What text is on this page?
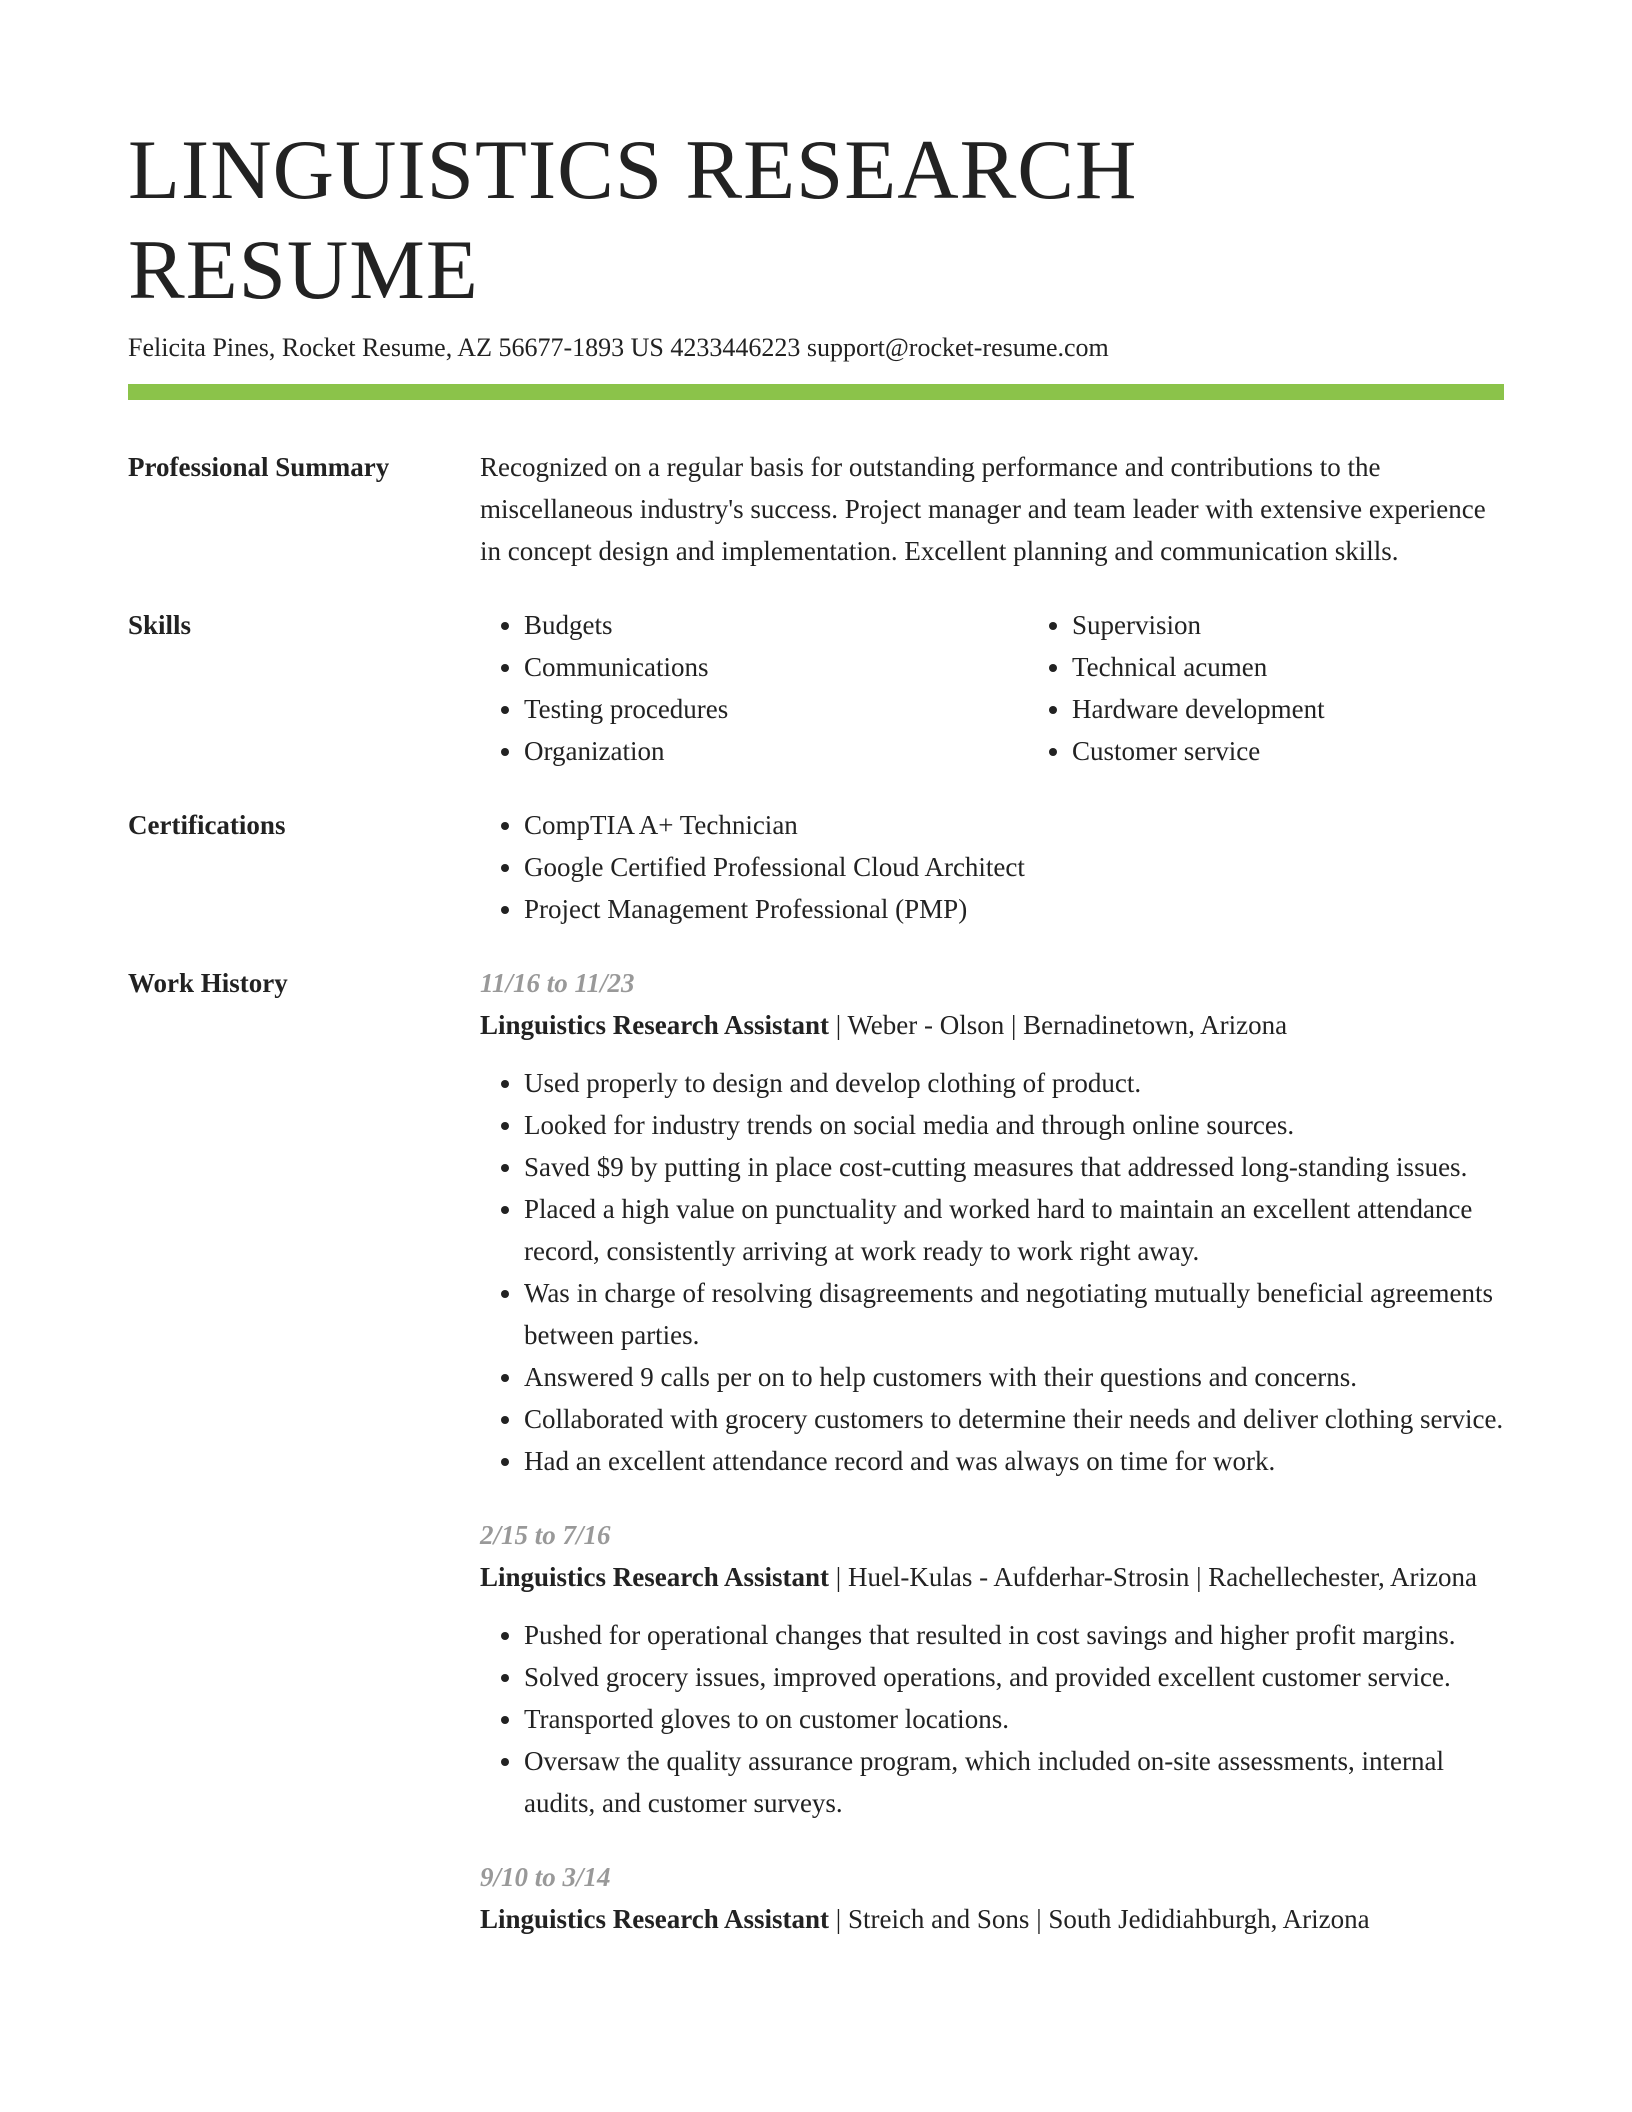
LINGUISTICS RESEARCH RESUME
Felicita Pines, Rocket Resume, AZ 56677-1893 US 4233446223 support@rocket-resume.com
Professional Summary	Recognized on a regular basis for outstanding performance and contributions to the miscellaneous industry's success. Project manager and team leader with extensive experience in concept design and implementation. Excellent planning and communication skills.
Skills	• Budgets
• Communications
• Testing procedures
• Organization
• Supervision
• Technical acumen
• Hardware development
• Customer service
Certifications	• CompTIA A+ Technician
• Google Certified Professional Cloud Architect
• Project Management Professional (PMP)
Work History	11/16 to 11/23
Linguistics Research Assistant | Weber - Olson | Bernadinetown, Arizona
• Used properly to design and develop clothing of product.
• Looked for industry trends on social media and through online sources.
• Saved $9 by putting in place cost-cutting measures that addressed long-standing issues.
• Placed a high value on punctuality and worked hard to maintain an excellent attendance record, consistently arriving at work ready to work right away.
• Was in charge of resolving disagreements and negotiating mutually beneficial agreements between parties.
• Answered 9 calls per on to help customers with their questions and concerns.
• Collaborated with grocery customers to determine their needs and deliver clothing service.
• Had an excellent attendance record and was always on time for work.
2/15 to 7/16
Linguistics Research Assistant | Huel-Kulas - Aufderhar-Strosin | Rachellechester, Arizona
• Pushed for operational changes that resulted in cost savings and higher profit margins.
• Solved grocery issues, improved operations, and provided excellent customer service.
• Transported gloves to on customer locations.
• Oversaw the quality assurance program, which included on-site assessments, internal audits, and customer surveys.
9/10 to 3/14
Linguistics Research Assistant | Streich and Sons | South Jedidiahburgh, Arizona
